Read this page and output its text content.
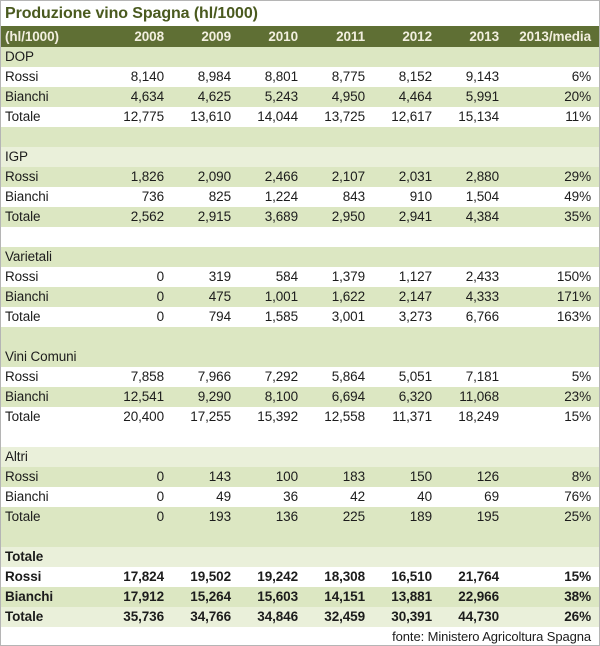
Produzione vino Spagna (hl/1000)
(hl/1000)	2008	2009	2010	2011	2012	2013	2013/media
DOP
Rossi	8,140	8,984	8,801	8,775	8,152	9,143	6%
Bianchi	4,634	4,625	5,243	4,950	4,464	5,991	20%
Totale	12,775	13,610	14,044	13,725	12,617	15,134	11%
IGP
Rossi	1,826	2,090	2,466	2,107	2,031	2,880	29%
Bianchi	736	825	1,224	843	910	1,504	49%
Totale	2,562	2,915	3,689	2,950	2,941	4,384	35%
Varietali
Rossi	0	319	584	1,379	1,127	2,433	150%
Bianchi	0	475	1,001	1,622	2,147	4,333	171%
Totale	0	794	1,585	3,001	3,273	6,766	163%
Vini Comuni
Rossi	7,858	7,966	7,292	5,864	5,051	7,181	5%
Bianchi	12,541	9,290	8,100	6,694	6,320	11,068	23%
Totale	20,400	17,255	15,392	12,558	11,371	18,249	15%
Altri
Rossi	0	143	100	183	150	126	8%
Bianchi	0	49	36	42	40	69	76%
Totale	0	193	136	225	189	195	25%
Totale
Rossi	17,824	19,502	19,242	18,308	16,510	21,764	15%
Bianchi	17,912	15,264	15,603	14,151	13,881	22,966	38%
Totale	35,736	34,766	34,846	32,459	30,391	44,730	26%
fonte: Ministero Agricoltura Spagna
